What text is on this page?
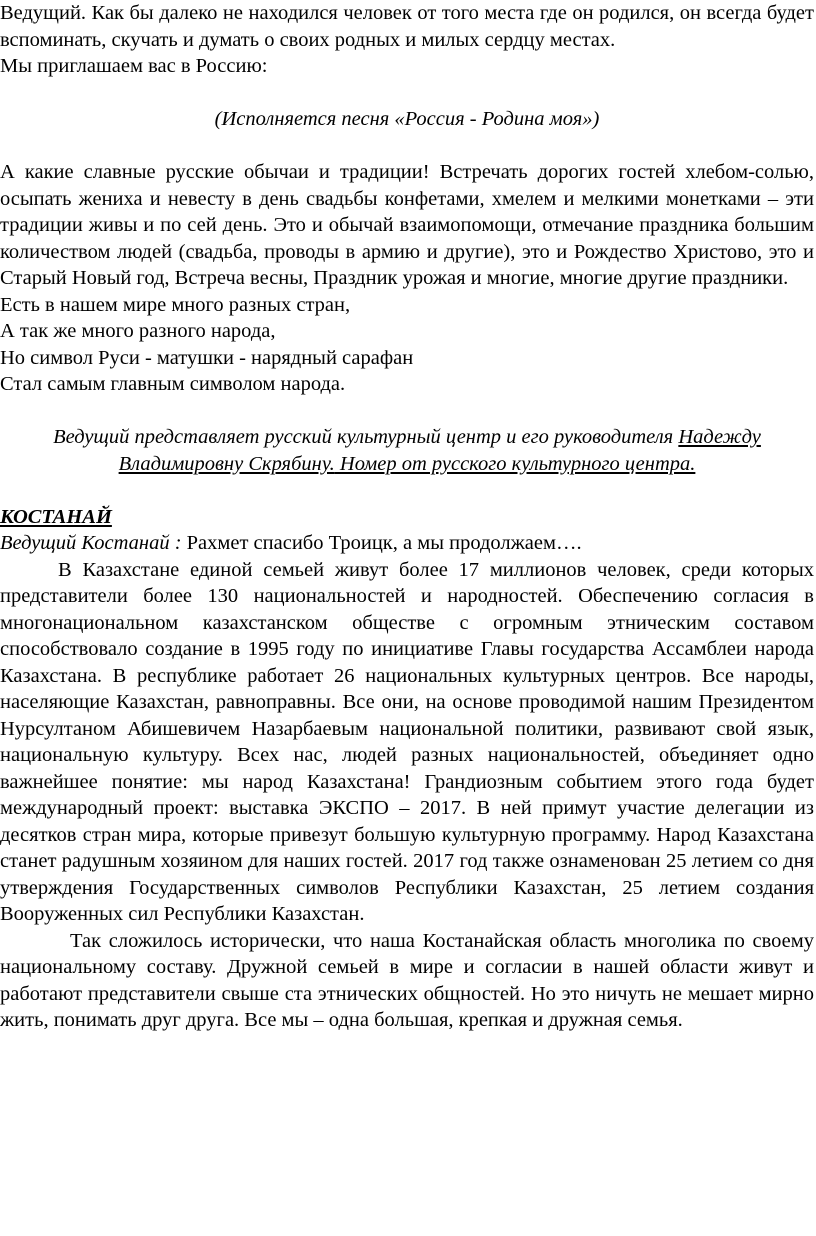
Ведущий. Как бы далеко не находился человек от того места где он родился, он всегда будет вспоминать, скучать и думать о своих родных и милых сердцу местах.

Мы приглашаем вас в Россию:

(Исполняется песня «Россия - Родина моя»)

А какие славные русские обычаи и традиции! Встречать дорогих гостей хлебом-солью, осыпать жениха и невесту в день свадьбы конфетами, хмелем и мелкими монетками – эти традиции живы и по сей день. Это и обычай взаимопомощи, отмечание праздника большим количеством людей (свадьба, проводы в армию и другие), это и Рождество Христово, это и Старый Новый год, Встреча весны, Праздник урожая и многие, многие другие праздники.

Есть в нашем мире много разных стран,
А так же много разного народа,
Но символ Руси - матушки - нарядный сарафан
Стал самым главным символом народа.

Ведущий представляет русский культурный центр и его руководителя Надежду Владимировну Скрябину. Номер от русского культурного центра.

КОСТАНАЙ

Ведущий Костанай : Рахмет спасибо Троицк, а мы продолжаем….

В Казахстане единой семьей живут более 17 миллионов человек, среди которых представители более 130 национальностей и народностей. Обеспечению согласия в многонациональном казахстанском обществе с огромным этническим составом способствовало создание в 1995 году по инициативе Главы государства Ассамблеи народа Казахстана. В республике работает 26 национальных культурных центров. Все народы, населяющие Казахстан, равноправны. Все они, на основе проводимой нашим Президентом Нурсултаном Абишевичем Назарбаевым национальной политики, развивают свой язык, национальную культуру. Всех нас, людей разных национальностей, объединяет одно важнейшее понятие: мы народ Казахстана! Грандиозным событием этого года будет международный проект: выставка ЭКСПО – 2017. В ней примут участие делегации из десятков стран мира, которые привезут большую культурную программу. Народ Казахстана станет радушным хозяином для наших гостей. 2017 год также ознаменован 25 летием со дня утверждения Государственных символов Республики Казахстан, 25 летием создания Вооруженных сил Республики Казахстан.

Так сложилось исторически, что наша Костанайская область многолика по своему национальному составу. Дружной семьей в мире и согласии в нашей области живут и работают представители свыше ста этнических общностей. Но это ничуть не мешает мирно жить, понимать друг друга. Все мы – одна большая, крепкая и дружная семья.
